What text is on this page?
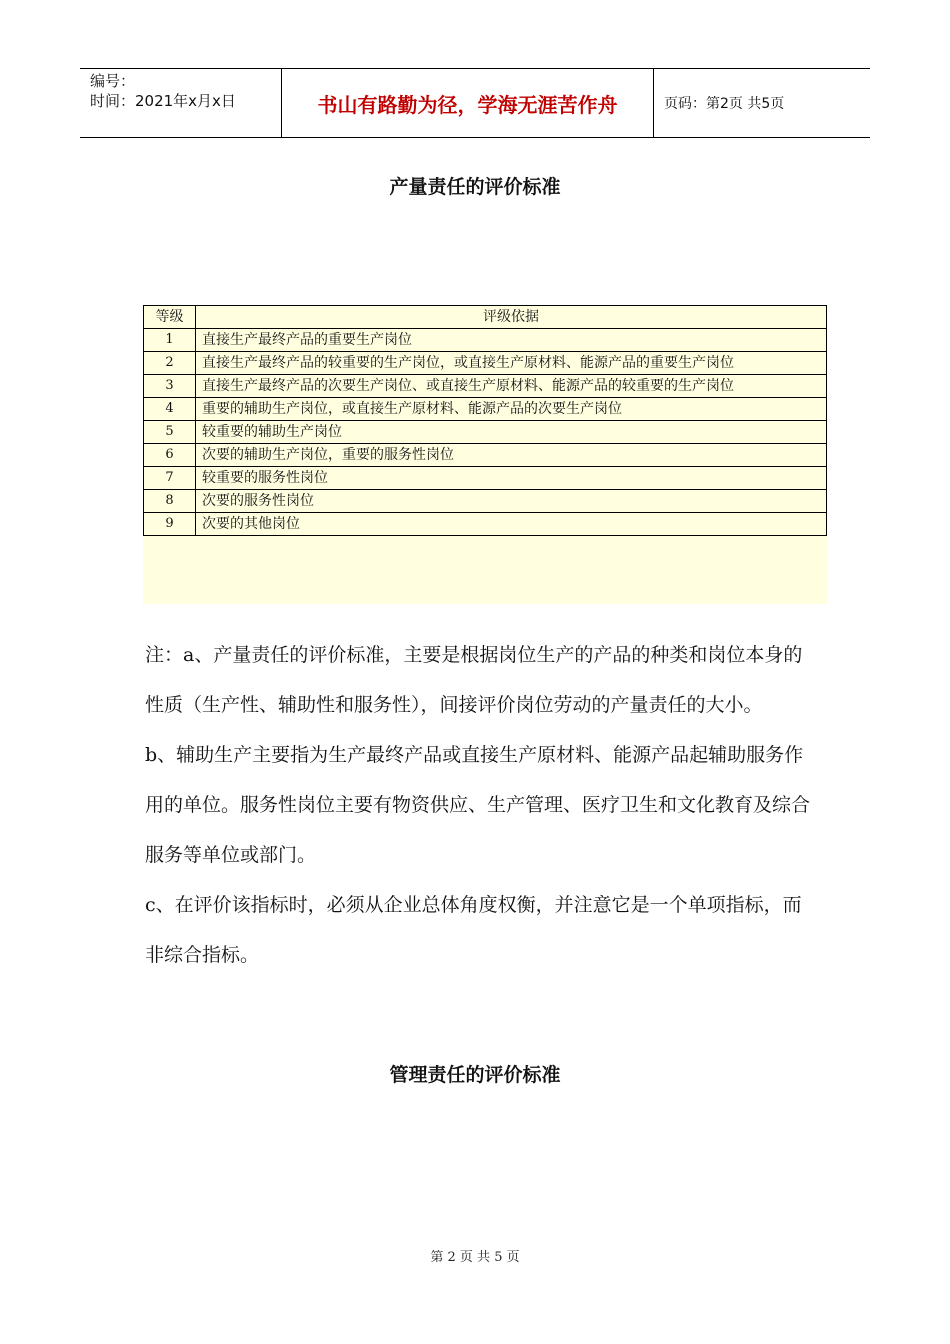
编号：
时间：2021年x月x日	书山有路勤为径，学海无涯苦作舟	页码：第2页 共5页
产量责任的评价标准
等级	评级依据
1	直接生产最终产品的重要生产岗位
2	直接生产最终产品的较重要的生产岗位，或直接生产原材料、能源产品的重要生产岗位
3	直接生产最终产品的次要生产岗位、或直接生产原材料、能源产品的较重要的生产岗位
4	重要的辅助生产岗位，或直接生产原材料、能源产品的次要生产岗位
5	较重要的辅助生产岗位
6	次要的辅助生产岗位，重要的服务性岗位
7	较重要的服务性岗位
8	次要的服务性岗位
9	次要的其他岗位

注：a、产量责任的评价标准，主要是根据岗位生产的产品的种类和岗位本身的性质（生产性、辅助性和服务性），间接评价岗位劳动的产量责任的大小。

b、辅助生产主要指为生产最终产品或直接生产原材料、能源产品起辅助服务作用的单位。服务性岗位主要有物资供应、生产管理、医疗卫生和文化教育及综合服务等单位或部门。

c、在评价该指标时，必须从企业总体角度权衡，并注意它是一个单项指标，而非综合指标。

管理责任的评价标准
第 2 页 共 5 页
